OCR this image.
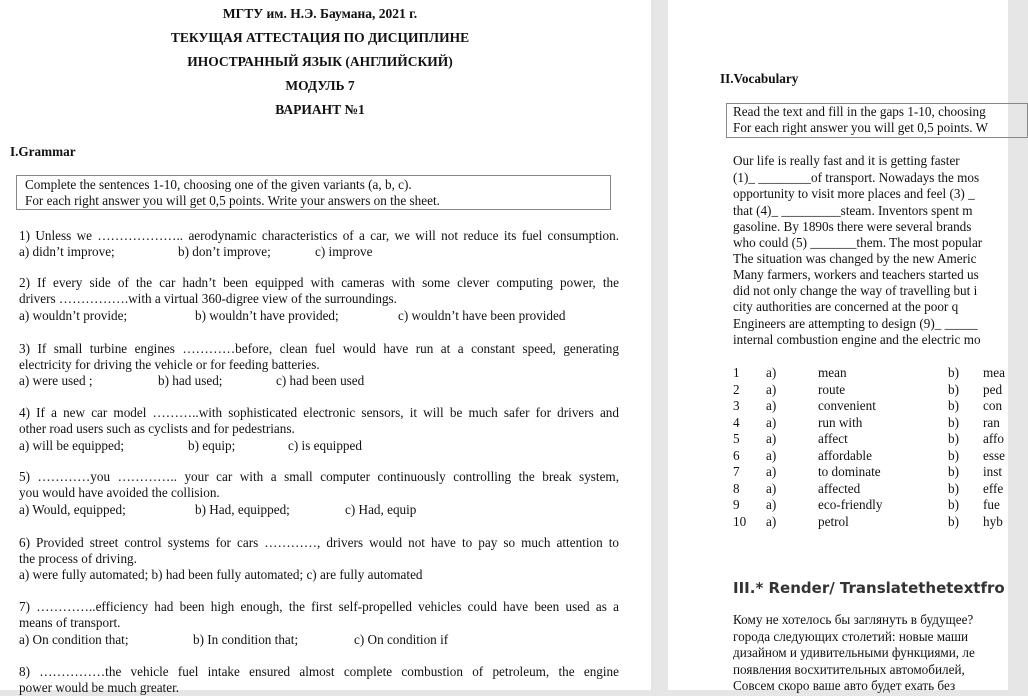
МГТУ им. Н.Э. Баумана, 2021 г.
ТЕКУЩАЯ АТТЕСТАЦИЯ ПО ДИСЦИПЛИНЕ
ИНОСТРАННЫЙ ЯЗЫК (АНГЛИЙСКИЙ)
МОДУЛЬ 7
ВАРИАНТ №1
I.Grammar
Complete the sentences 1-10, choosing one of the given variants (a, b, c).
For each right answer you will get 0,5 points. Write your answers on the sheet.
1) Unless we ……………….. aerodynamic characteristics of a car, we will not reduce its fuel consumption.
a) didn’t improve;	b) don’t improve;	c) improve
2) If every side of the car hadn’t been equipped with cameras with some clever computing power, the
drivers …………….with a virtual 360-digree view of the surroundings.
a) wouldn’t provide;	b) wouldn’t have provided;	c) wouldn’t have been provided
3) If small turbine engines …………before, clean fuel would have run at a constant speed, generating
electricity for driving the vehicle or for feeding batteries.
a) were used ;	b) had used;	c) had been used
4) If a new car model ………..with sophisticated electronic sensors, it will be much safer for drivers and
other road users such as cyclists and for pedestrians.
a) will be equipped;	b) equip;	c) is equipped
5) …………you ………….. your car with a small computer continuously controlling the break system,
you would have avoided the collision.
a) Would, equipped;	b) Had, equipped;	c) Had, equip
6) Provided street control systems for cars …………, drivers would not have to pay so much attention to
the process of driving.
a) were fully automated; b) had been fully automated; c) are fully automated
7) …………..efficiency had been high enough, the first self-propelled vehicles could have been used as a
means of transport.
a) On condition that;	b) In condition that;	c) On condition if
8) ……………the vehicle fuel intake ensured almost complete combustion of petroleum, the engine
power would be much greater.
II.Vocabulary
Read the text and fill in the gaps 1-10, choosing
For each right answer you will get 0,5 points. W
Our life is really fast and it is getting faster
(1)_ ________of transport. Nowadays the mos
opportunity to visit more places and feel (3) _
that (4)_ _________steam. Inventors spent m
gasoline. By 1890s there were several brands
who could (5) _______them. The most popular
The situation was changed by the new Americ
Many farmers, workers and teachers started us
did not only change the way of travelling but i
city authorities are concerned at the poor q
Engineers are attempting to design (9)_ _____
internal combustion engine and the electric mo
1 a)	mean	b) mea
2 a)	route	b) ped
3 a)	convenient	b) con
4 a)	run with	b) ran
5 a)	affect	b) affo
6 a)	affordable	b) esse
7 a)	to dominate	b) inst
8 a)	affected	b) effe
9 a)	eco-friendly	b) fue
10 a)	petrol	b) hyb
III.* Render/ Translatethetextfro
Кому не хотелось бы заглянуть в будущее?
города следующих столетий: новые маши
дизайном и удивительными функциями, ле
появления восхитительных автомобилей,
Совсем скоро ваше авто будет ехать без
